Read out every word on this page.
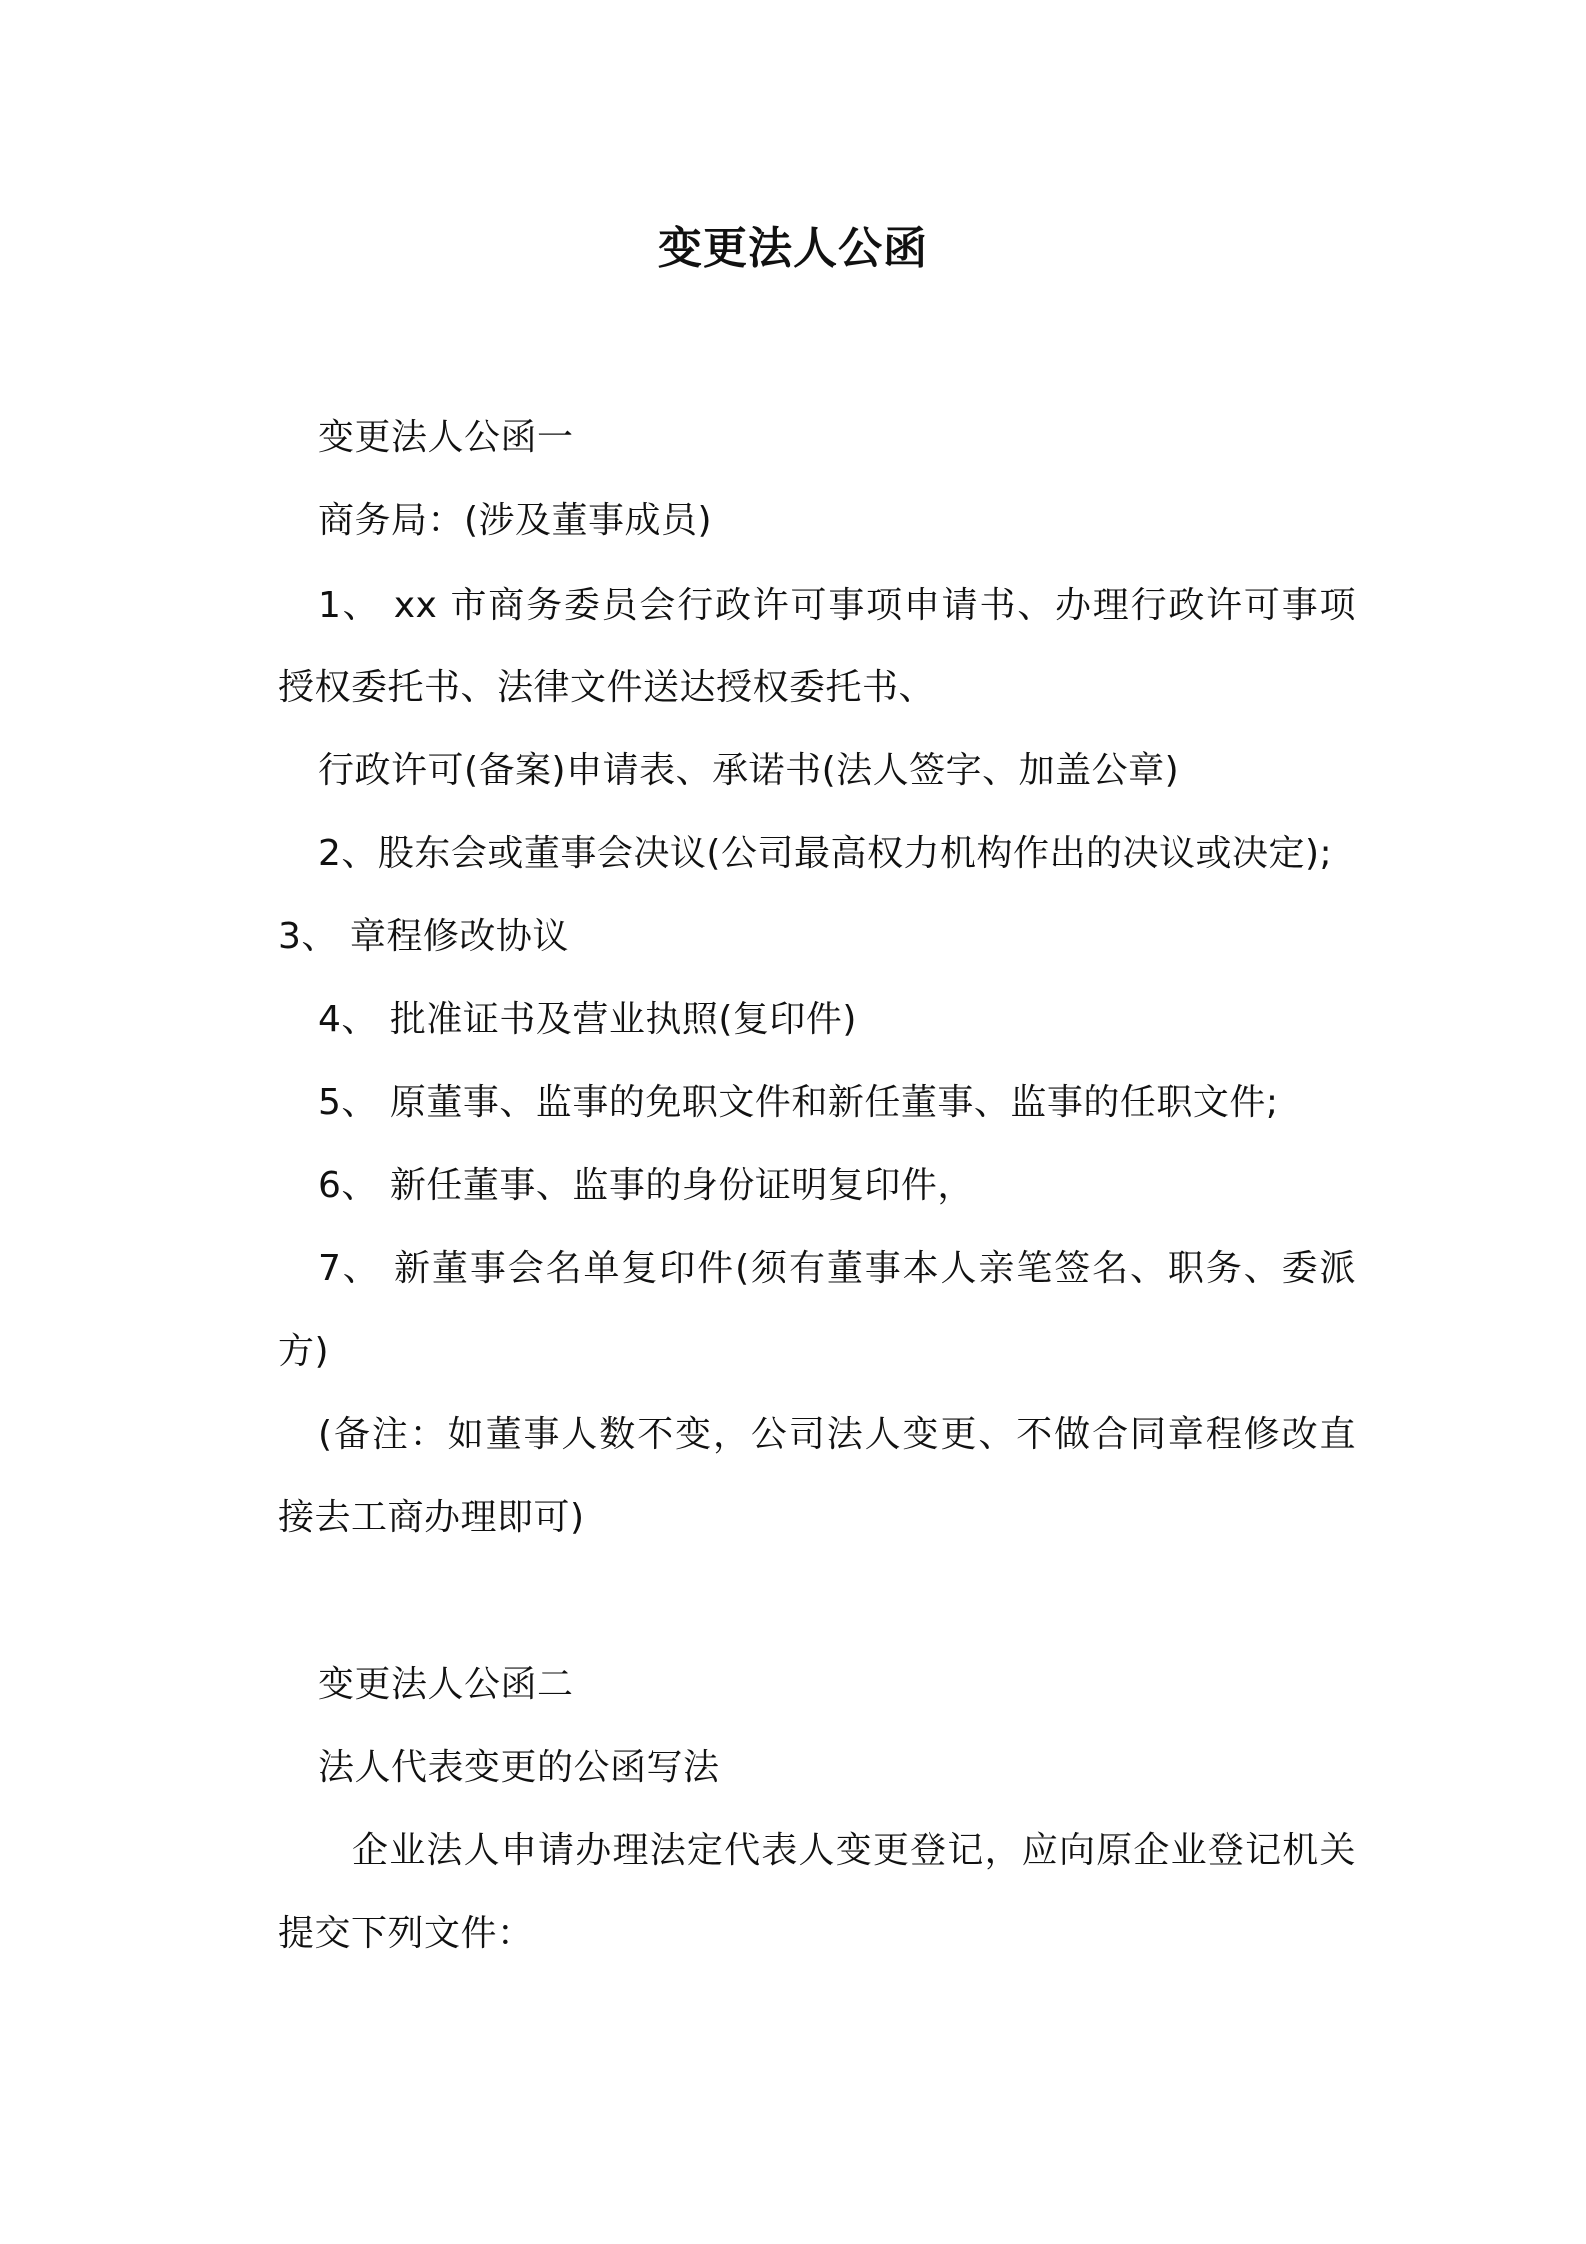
变更法人公函
变更法人公函一
商务局：(涉及董事成员)
1、 xx 市商务委员会行政许可事项申请书、办理行政许可事项
授权委托书、法律文件送达授权委托书、
行政许可(备案)申请表、承诺书(法人签字、加盖公章)
2、股东会或董事会决议(公司最高权力机构作出的决议或决定);
3、 章程修改协议
4、 批准证书及营业执照(复印件)
5、 原董事、监事的免职文件和新任董事、监事的任职文件;
6、 新任董事、监事的身份证明复印件，
7、 新董事会名单复印件(须有董事本人亲笔签名、职务、委派
方)
(备注：如董事人数不变，公司法人变更、不做合同章程修改直
接去工商办理即可)
变更法人公函二
法人代表变更的公函写法
企业法人申请办理法定代表人变更登记，应向原企业登记机关
提交下列文件：
